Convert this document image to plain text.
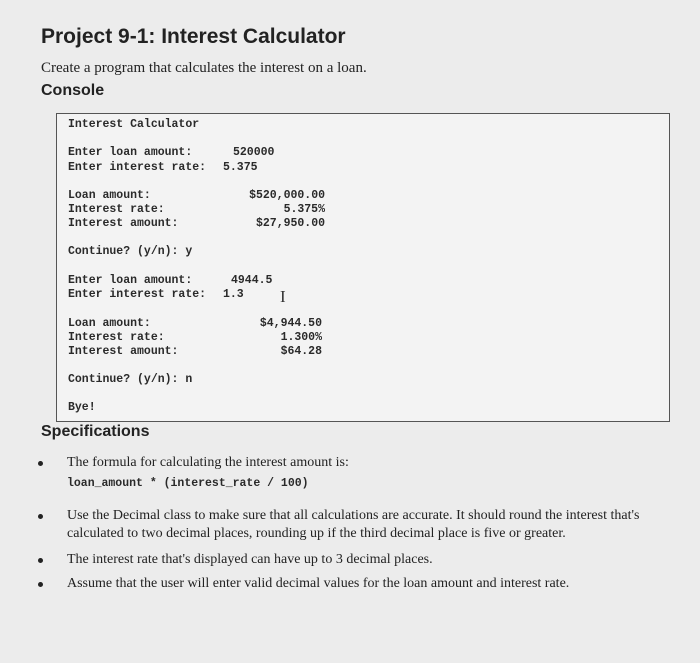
Project 9-1: Interest Calculator
Create a program that calculates the interest on a loan.
Console
Interest Calculator
Enter loan amount:	520000
Enter interest rate: 5.375
Loan amount:
Interest rate:
Interest amount:
$520,000.00
5.375%
$27,950.00
Continue? (y/n): y
Enter loan amount:	4944.5
Enter interest rate: 1.3
Loan amount:
Interest rate:
Interest amount:
$4,944.50
1.300%
$64.28
Continue? (y/n): n
Bye!
I
Specifications
The formula for calculating the interest amount is:
loan_amount * (interest_rate / 100)
Use the Decimal class to make sure that all calculations are accurate. It should round the interest that's calculated to two decimal places, rounding up if the third decimal place is five or greater.
The interest rate that's displayed can have up to 3 decimal places.
Assume that the user will enter valid decimal values for the loan amount and interest rate.
